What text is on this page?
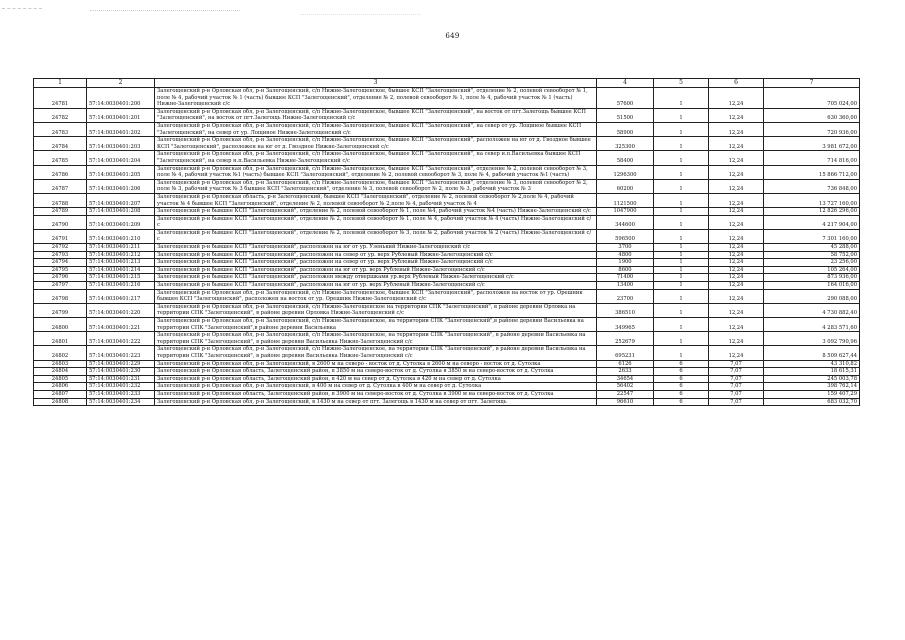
649
1	2	3	4	5	6	7
24781	57:14:0030401:200	Залегощенский р-н Орловская обл, р-н Залегощенский, с/п Нижне-Залегощенское, бывшее КСП "Залегощенский", отделение № 2, полевой севооборот № 1, поле № 4, рабочий участок № 1 (часть) бывшее КСП "Залегощенский", отделение № 2, полевой севооборот № 1, поле № 4, рабочий участок № 1 (часть) Нижне-Залегощенский с/с	57600	1	12,24	705 024,00
24782	57:14:0030401:201	Залегощенский р-н Орловская обл, р-н Залегощенский, с/п Нижне-Залегощенское, бывшее КСП "Залегощенский", на восток от пгт.Залегощь бывшее КСП "Залегощенский", на восток от пгт.Залегощь Нижне-Залегощенский с/с	51500	1	12,24	630 360,00
24783	57:14:0030401:202	Залегощенский р-н Орловская обл, р-н Залегощенский, с/п Нижне-Залегощенское, бывшее КСП "Залегощенский", на север от ур. Лощиное бывшее КСП "Залегощенский", на север от ур. Лощиное Нижне-Залегощенский с/с	58900	1	12,24	720 936,00
24784	57:14:0030401:203	Залегощенский р-н Орловская обл, р-н Залегощенский, с/п Нижне-Залегощенское, бывшее КСП "Залегощенский", расположен на юг от д. Гвоздное бывшее КСП "Залегощенский", расположен на юг от д. Гвоздное Нижне-Залегощенский с/с	325300	1	12,24	3 981 672,00
24785	57:14:0030401:204	Залегощенский р-н Орловская обл, р-н Залегощенский, с/п Нижне-Залегощенское, бывшее КСП "Залегощенский", на север н.п.Васильевка бывшее КСП "Залегощенский", на север н.п.Васильевка Нижне-Залегощенский с/с	58400	1	12,24	714 816,00
24786	57:14:0030401:205	Залегощенский р-н Орловская обл, р-н Залегощенский, с/п Нижне-Залегощенское, бывшее КСП "Залегощенский", отделение № 2, полевой севооборот № 3, поле № 4, рабочий участок №1 (часть) бывшее КСП "Залегощенский", отделение № 2, полевой севооборот № 3, поле № 4, рабочий участок №1 (часть)	1296300	1	12,24	15 866 712,00
24787	57:14:0030401:206	Залегощенский р-н Орловская обл, р-н Залегощенский, с/п Нижне-Залегощенское, бывшее КСП "Залегощенский", отделение № 3, полевой севооборот № 2, поле № 3, рабочий участок № 3 бывшее КСП "Залегощенский", отделение № 3, полевой севооборот № 2, поле № 3, рабочий участок № 3	60200	1	12,24	736 848,00
24788	57:14:0030401:207	Залегощенский р-н Орловская область, р-н Залегощенский, бывшее КСП "Залегощенский", отделение № 2, полевой севооборот № 2,поле № 4, рабочий участок № 4 бывшее КСП "Залегощенский", отделение № 2, полевой севооборот № 2,поле № 4, рабочий участок № 4	1121500	1	12,24	13 727 160,00
24789	57:14:0030401:208	Залегощенский р-н бывшее КСП "Залегощенский", отделение № 2, полевой севооборот № 1, поле №4, рабочий участок №4 (часть) Нижне-Залегощенский с/с	1047900	1	12,24	12 826 296,00
24790	57:14:0030401:209	Залегощенский р-н бывшее КСП "Залегощенский", отделение № 2, полевой севооборот № 1, поле № 4, рабочий участок № 4 (часть) Нижне-Залегощенский с/с	344600	1	12,24	4 217 904,00
24791	57:14:0030401:210	Залегощенский р-н бывшее КСП "Залегощенский", отделение № 2, полевой севооборот № 3, поле № 2, рабочий участок № 2 (часть) Нижне-Залегощенский с/с	596500	1	12,24	7 301 160,00
24792	57:14:0030401:211	Залегощенский р-н бывшее КСП "Залегощенский", расположен на юг от ур. Узенький Нижне-Залегощенский с/с	3700	1	12,24	45 288,00
24793	57:14:0030401:212	Залегощенский р-н бывшее КСП "Залегощенский", расположен на север от ур. верх Рублевый Нижне-Залегощенский с/с	4800	1	12,24	58 752,00
24794	57:14:0030401:213	Залегощенский р-н бывшее КСП "Залегощенский", расположен на север от ур. верх Рублевый Нижне-Залегощенский с/с	1900	1	12,24	23 256,00
24795	57:14:0030401:214	Залегощенский р-н бывшее КСП "Залегощенский", расположен на юг от ур. верх Рублевый Нижне-Залегощенский с/с	8600	1	12,24	105 264,00
24796	57:14:0030401:215	Залегощенский р-н бывшее КСП "Залегощенский", расположен между отвершками ур.верх Рублевый Нижне-Залегощенский с/с	71400	1	12,24	873 936,00
24797	57:14:0030401:216	Залегощенский р-н бывшее КСП "Залегощенский", расположен на юг от ур. верх Рублевый Нижне-Залегощенский с/с	13400	1	12,24	164 016,00
24798	57:14:0030401:217	Залегощенский р-н Орловская обл, р-н Залегощенский, с/п Нижне-Залегощенское, бывшее КСП "Залегощенский", расположен на восток от ур. Орешник бывшее КСП "Залегощенский", расположен на восток от ур. Орешник Нижне-Залегощенский с/с	23700	1	12,24	290 088,00
24799	57:14:0030401:220	Залегощенский р-н Орловская обл, р-н Залегощенский, с/п Нижне-Залегощенское на территории СПК "Залегощенский", в районе деревни Орловка на территории СПК "Залегощенский", в районе деревни Орловка Нижне-Залегощенский с/с	386510	1	12,24	4 730 882,40
24800	57:14:0030401:221	Залегощенский р-н Орловская обл, р-н Залегощенский, с/п Нижне-Залегощенское, на территории СПК "Залегощенский",в районе деревни Васильевка на территории СПК "Залегощенский",в районе деревни Васильевка	349965	1	12,24	4 283 571,60
24801	57:14:0030401:222	Залегощенский р-н Орловская обл, р-н Залегощенский, с/п Нижне-Залегощенское, на территории СПК "Залегощенский", в районе деревни Васильевка на территории СПК "Залегощенский", в районе деревни Васильевка Нижне-Залегощенский с/с	252679	1	12,24	3 092 790,96
24802	57:14:0030401:223	Залегощенский р-н Орловская обл, р-н Залегощенский, с/п Нижне-Залегощенское, на территории СПК "Залегощенский", в районе деревни Васильевка на территории СПК "Залегощенский", в районе деревни Васильевка Нижне-Залегощенский с/с	695231	1	12,24	8 509 627,44
24803	57:14:0030401:229	Залегощенский р-н Орловская обл, р-н Залегощенский, в 2600 м на северо - восток от д. Сутолка в 2600 м на северо - восток от д. Сутолка	6126	6	7,07	43 310,82
24804	57:14:0030401:230	Залегощенский р-н Орловская область, Залегощенский район, в 3850 м на северо-восток от д. Сутолка в 3850 м на северо-восток от д. Сутолка	2633	6	7,07	18 615,31
24805	57:14:0030401:231	Залегощенский р-н Орловская область, Залегощенский район, в 420 м на север от д. Сутолка в 420 м на север от д. Сутолка	34654	6	7,07	245 003,78
24806	57:14:0030401:232	Залегощенский р-н Орловская обл, р-н Залегощенский, в 400 м на север от д. Сутолка в 400 м на север от д. Сутолка	56402	6	7,07	398 762,14
24807	57:14:0030401:233	Залегощенский р-н Орловская область, Залегощенский район, в 3900 м на северо-восток от д. Сутолка в 3900 м на северо-восток от д. Сутолка	22547	6	7,07	159 407,29
24808	57:14:0030401:234	Залегощенский р-н Орловская обл, р-н Залегощенский, в 1430 м на север от пгт. Залегощь в 1430 м на север от пгт. Залегощь	96610	6	7,07	683 032,70
